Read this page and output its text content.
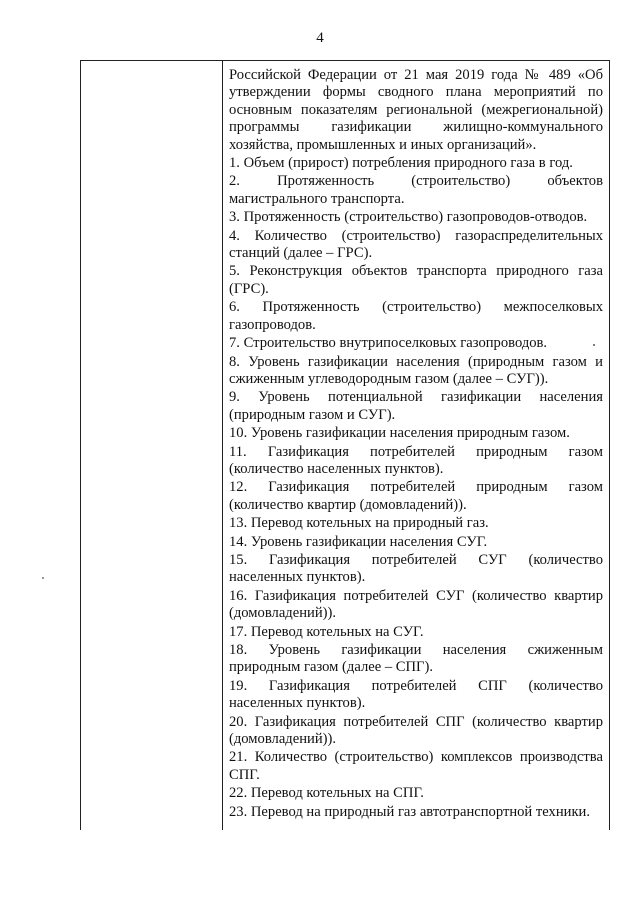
4

Российской Федерации от 21 мая 2019 года № 489 «Об утверждении формы сводного плана мероприятий по основным показателям региональной (межрегиональной) программы газификации жилищно-коммунального хозяйства, промышленных и иных организаций».

1. Объем (прирост) потребления природного газа в год.

2. Протяженность (строительство) объектов магистрального транспорта.

3. Протяженность (строительство) газопроводов-отводов.

4. Количество (строительство) газораспределительных станций (далее – ГРС).

5. Реконструкция объектов транспорта природного газа (ГРС).

6. Протяженность (строительство) межпоселковых газопроводов.

7. Строительство внутрипоселковых газопроводов.

8. Уровень газификации населения (природным газом и сжиженным углеводородным газом (далее – СУГ)).

9. Уровень потенциальной газификации населения (природным газом и СУГ).

10. Уровень газификации населения природным газом.

11. Газификация потребителей природным газом (количество населенных пунктов).

12. Газификация потребителей природным газом (количество квартир (домовладений)).

13. Перевод котельных на природный газ.

14. Уровень газификации населения СУГ.

15. Газификация потребителей СУГ (количество населенных пунктов).

16. Газификация потребителей СУГ (количество квартир (домовладений)).

17. Перевод котельных на СУГ.

18. Уровень газификации населения сжиженным природным газом (далее – СПГ).

19. Газификация потребителей СПГ (количество населенных пунктов).

20. Газификация потребителей СПГ (количество квартир (домовладений)).

21. Количество (строительство) комплексов производства СПГ.

22. Перевод котельных на СПГ.

23. Перевод на природный газ автотранспортной техники.
